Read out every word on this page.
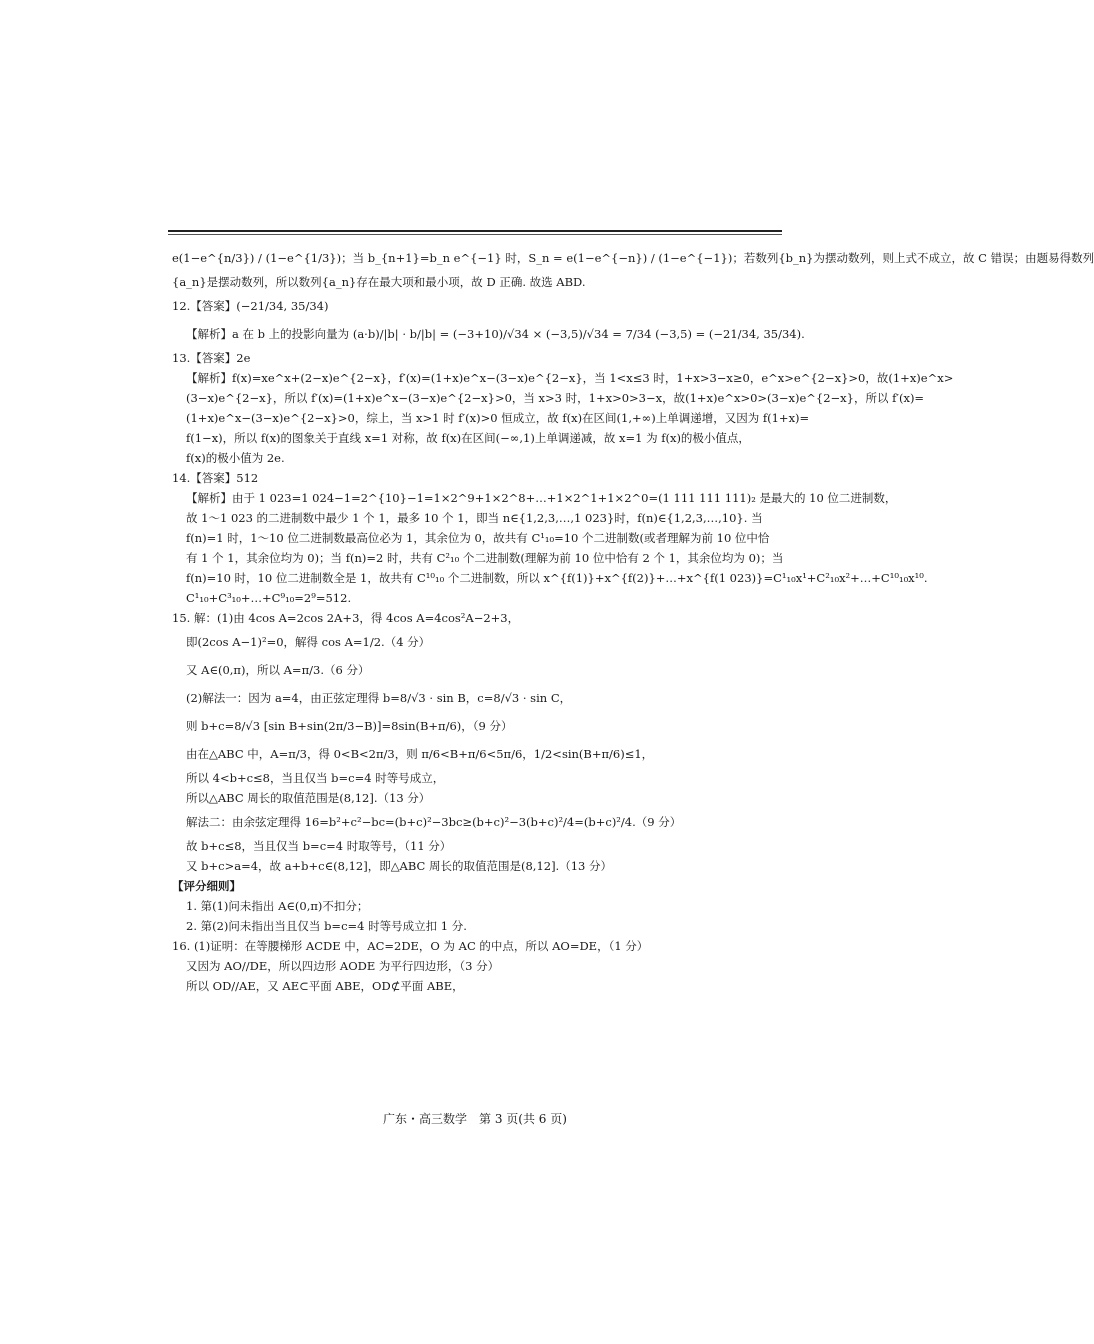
e(1−e^{n/3}) / (1−e^{1/3})；当 b_{n+1}=b_n e^{−1} 时，S_n = e(1−e^{−n}) / (1−e^{−1})；若数列{b_n}为摆动数列，则上式不成立，故 C 错误；由题易得数列
{a_n}是摆动数列，所以数列{a_n}存在最大项和最小项，故 D 正确. 故选 ABD.
12.【答案】(−21/34, 35/34)
【解析】a 在 b 上的投影向量为 (a·b)/|b| · b/|b| = (−3+10)/√34 × (−3,5)/√34 = 7/34 (−3,5) = (−21/34, 35/34).
13.【答案】2e
【解析】f(x)=xe^x+(2−x)e^{2−x}，f′(x)=(1+x)e^x−(3−x)e^{2−x}，当 1<x≤3 时，1+x>3−x≥0，e^x>e^{2−x}>0，故(1+x)e^x>
(3−x)e^{2−x}，所以 f′(x)=(1+x)e^x−(3−x)e^{2−x}>0，当 x>3 时，1+x>0>3−x，故(1+x)e^x>0>(3−x)e^{2−x}，所以 f′(x)=
(1+x)e^x−(3−x)e^{2−x}>0，综上，当 x>1 时 f′(x)>0 恒成立，故 f(x)在区间(1,+∞)上单调递增，又因为 f(1+x)=
f(1−x)，所以 f(x)的图象关于直线 x=1 对称，故 f(x)在区间(−∞,1)上单调递减，故 x=1 为 f(x)的极小值点，
f(x)的极小值为 2e.
14.【答案】512
【解析】由于 1 023=1 024−1=2^{10}−1=1×2^9+1×2^8+…+1×2^1+1×2^0=(1 111 111 111)₂ 是最大的 10 位二进制数，
故 1～1 023 的二进制数中最少 1 个 1，最多 10 个 1，即当 n∈{1,2,3,…,1 023}时，f(n)∈{1,2,3,…,10}. 当
f(n)=1 时，1～10 位二进制数最高位必为 1，其余位为 0，故共有 C¹₁₀=10 个二进制数(或者理解为前 10 位中恰
有 1 个 1，其余位均为 0)；当 f(n)=2 时，共有 C²₁₀ 个二进制数(理解为前 10 位中恰有 2 个 1，其余位均为 0)；当
f(n)=10 时，10 位二进制数全是 1，故共有 C¹⁰₁₀ 个二进制数，所以 x^{f(1)}+x^{f(2)}+…+x^{f(1 023)}=C¹₁₀x¹+C²₁₀x²+…+C¹⁰₁₀x¹⁰.
C¹₁₀+C³₁₀+…+C⁹₁₀=2⁹=512.
15. 解：(1)由 4cos A=2cos 2A+3，得 4cos A=4cos²A−2+3，
即(2cos A−1)²=0，解得 cos A=1/2.（4 分）
又 A∈(0,π)，所以 A=π/3.（6 分）
(2)解法一：因为 a=4，由正弦定理得 b=8/√3 · sin B，c=8/√3 · sin C，
则 b+c=8/√3 [sin B+sin(2π/3−B)]=8sin(B+π/6)，（9 分）
由在△ABC 中，A=π/3，得 0<B<2π/3，则 π/6<B+π/6<5π/6，1/2<sin(B+π/6)≤1，
所以 4<b+c≤8，当且仅当 b=c=4 时等号成立，
所以△ABC 周长的取值范围是(8,12].（13 分）
解法二：由余弦定理得 16=b²+c²−bc=(b+c)²−3bc≥(b+c)²−3(b+c)²/4=(b+c)²/4.（9 分）
故 b+c≤8，当且仅当 b=c=4 时取等号，（11 分）
又 b+c>a=4，故 a+b+c∈(8,12]，即△ABC 周长的取值范围是(8,12].（13 分）
【评分细则】
1. 第(1)问未指出 A∈(0,π)不扣分；
2. 第(2)问未指出当且仅当 b=c=4 时等号成立扣 1 分.
16. (1)证明：在等腰梯形 ACDE 中，AC=2DE，O 为 AC 的中点，所以 AO=DE，（1 分）
又因为 AO//DE，所以四边形 AODE 为平行四边形，（3 分）
所以 OD//AE，又 AE⊂平面 ABE，OD⊄平面 ABE，
广东・高三数学　第 3 页(共 6 页)
